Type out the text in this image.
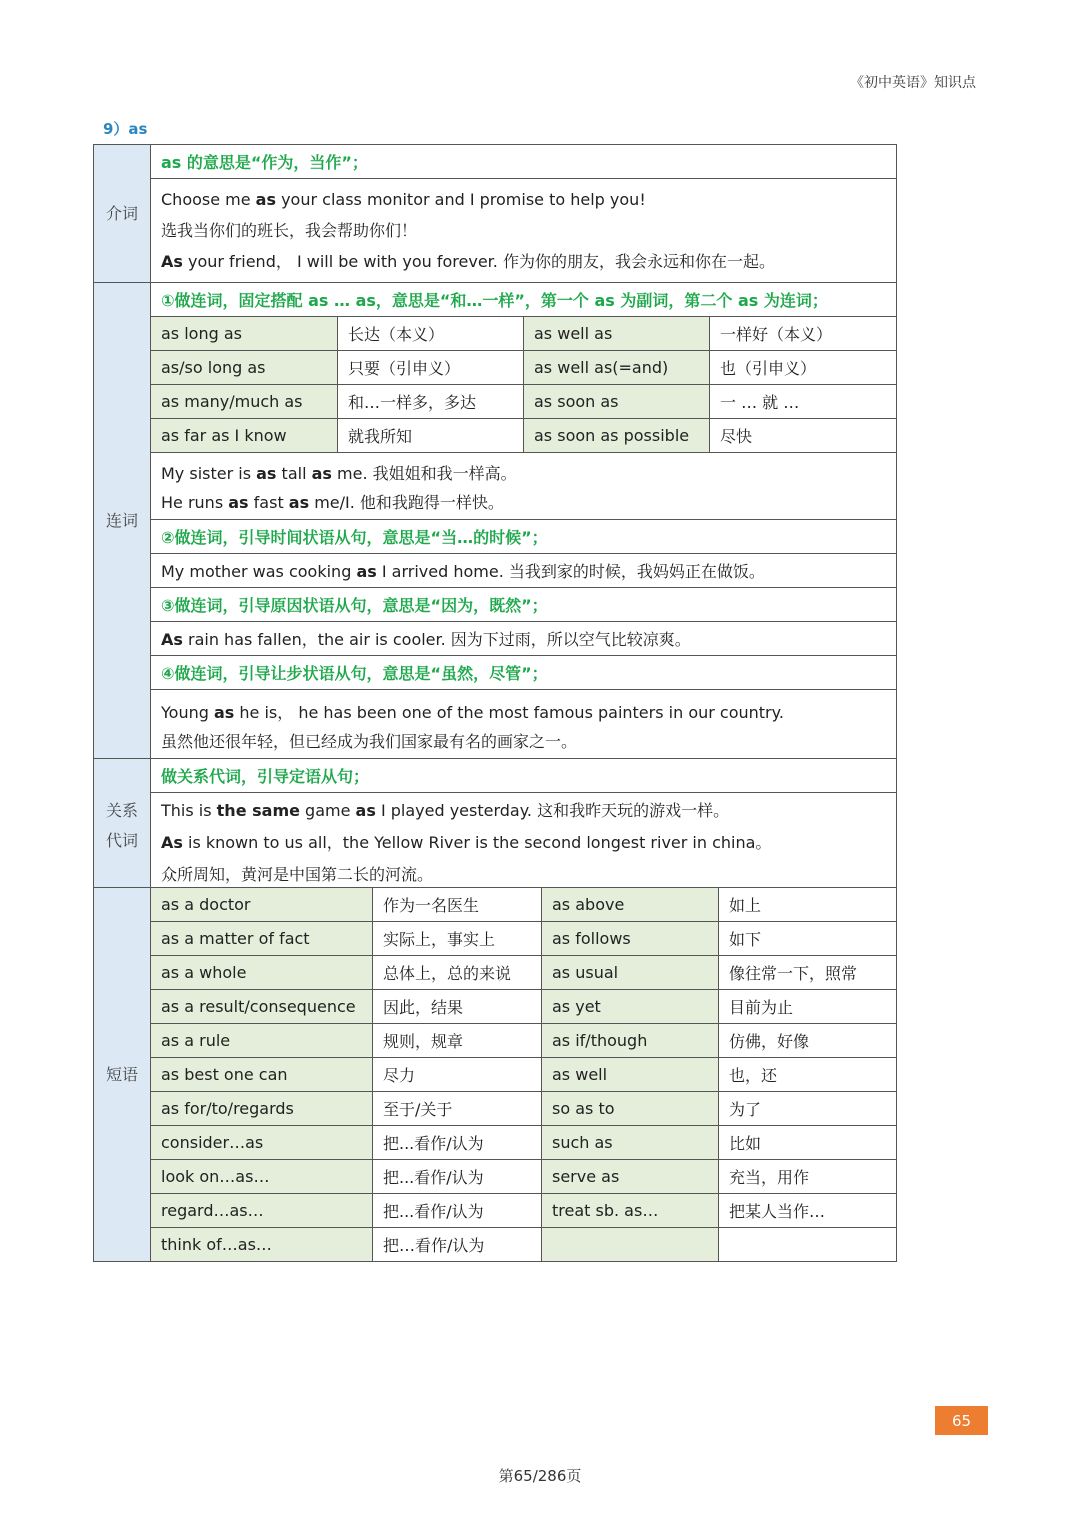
《初中英语》知识点
9）as
介词	as 的意思是“作为，当作”；			

	Choose me as your class monitor and I promise to help you!
选我当你们的班长，我会帮助你们！
As your friend， I will be with you forever. 作为你的朋友，我会永远和你在一起。			

连词	①做连词，固定搭配 as … as，意思是“和…一样”，第一个 as 为副词，第二个 as 为连词；			
	as long as	长达（本义）	as well as	一样好（本义）
	as/so long as	只要（引申义）	as well as(=and)	也（引申义）
	as many/much as	和…一样多，多达	as soon as	一 … 就 …
	as far as I know	就我所知	as soon as possible	尽快

	My sister is as tall as me. 我姐姐和我一样高。
He runs as fast as me/I. 他和我跑得一样快。			

	②做连词，引导时间状语从句，意思是“当…的时候”；			
	My mother was cooking as I arrived home. 当我到家的时候，我妈妈正在做饭。			
	③做连词，引导原因状语从句，意思是“因为，既然”；			
	As rain has fallen，the air is cooler. 因为下过雨，所以空气比较凉爽。			
	④做连词，引导让步状语从句，意思是“虽然，尽管”；			

	Young as he is， he has been one of the most famous painters in our country.
虽然他还很年轻，但已经成为我们国家最有名的画家之一。			

关系
代词	做关系代词，引导定语从句；			

	This is the same game as I played yesterday. 这和我昨天玩的游戏一样。
As is known to us all，the Yellow River is the second longest river in china。
众所周知，黄河是中国第二长的河流。			
短语	as a doctor	作为一名医生	as above	如上
	as a matter of fact	实际上，事实上	as follows	如下
	as a whole	总体上，总的来说	as usual	像往常一下，照常
	as a result/consequence	因此，结果	as yet	目前为止
	as a rule	规则，规章	as if/though	仿佛，好像
	as best one can	尽力	as well	也，还
	as for/to/regards	至于/关于	so as to	为了
	consider…as	把...看作/认为	such as	比如
	look on…as…	把...看作/认为	serve as	充当，用作
	regard…as…	把...看作/认为	treat sb. as…	把某人当作…
	think of…as…	把…看作/认为		
65
第65/286页
